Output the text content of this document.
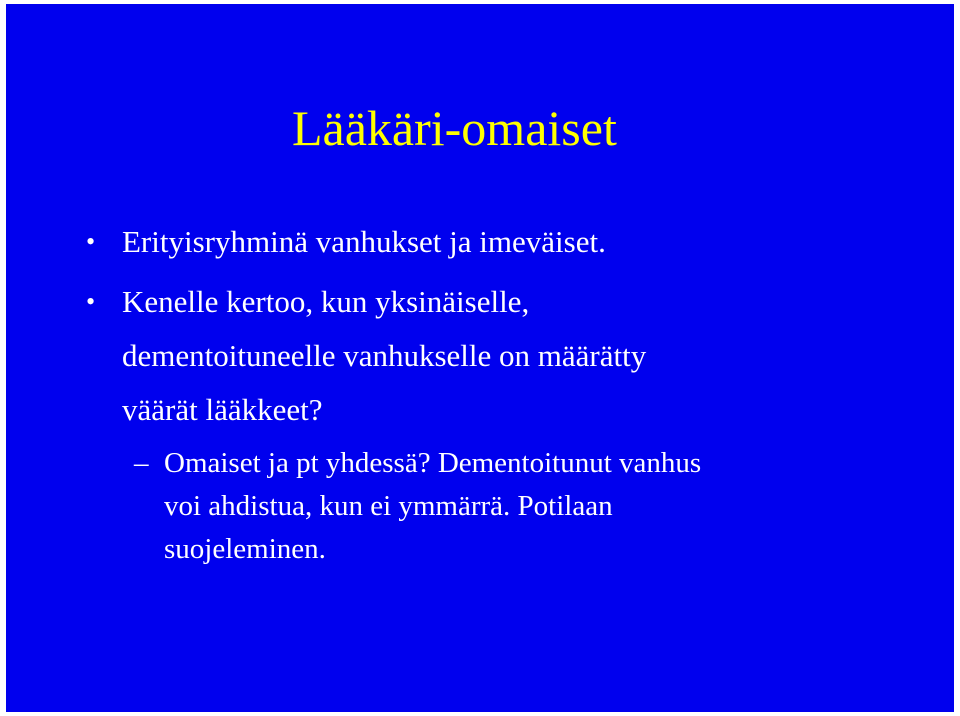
Lääkäri-omaiset
• Erityisryhminä vanhukset ja imeväiset.
• Kenelle kertoo, kun yksinäiselle,
dementoituneelle vanhukselle on määrätty
väärät lääkkeet?
– Omaiset ja pt yhdessä? Dementoitunut vanhus
voi ahdistua, kun ei ymmärrä. Potilaan
suojeleminen.
